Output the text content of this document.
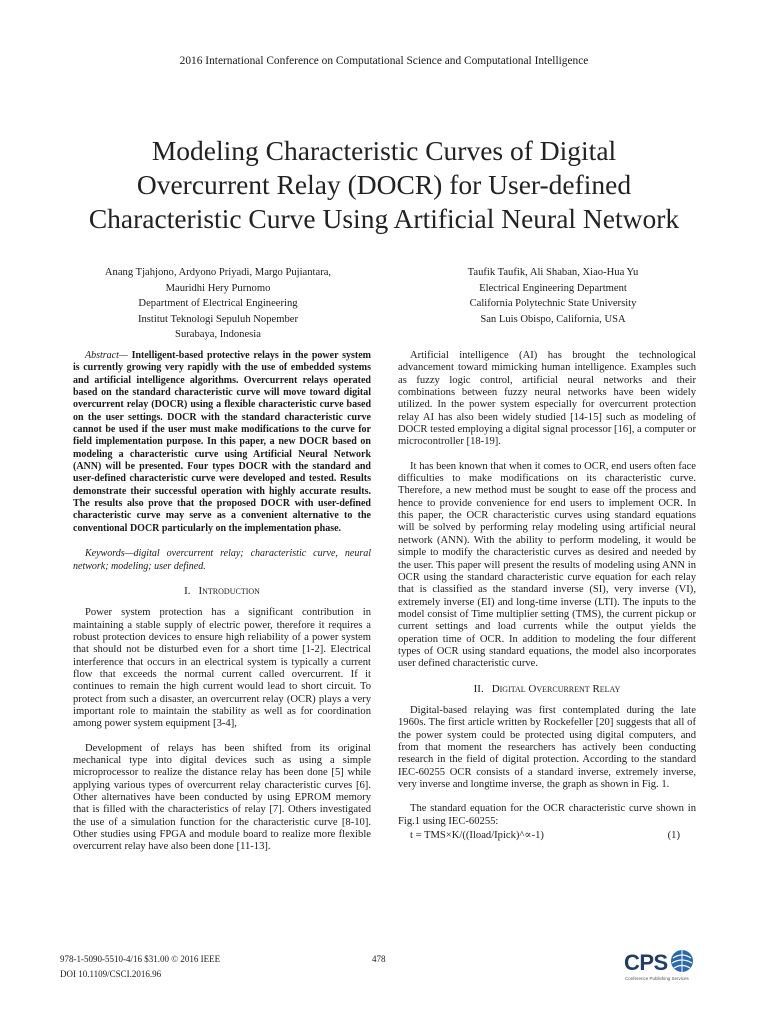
2016 International Conference on Computational Science and Computational Intelligence
Modeling Characteristic Curves of Digital
Overcurrent Relay (DOCR) for User-defined
Characteristic Curve Using Artificial Neural Network
Anang Tjahjono, Ardyono Priyadi, Margo Pujiantara,
Mauridhi Hery Purnomo
Department of Electrical Engineering
Institut Teknologi Sepuluh Nopember
Surabaya, Indonesia
Taufik Taufik, Ali Shaban, Xiao-Hua Yu
Electrical Engineering Department
California Polytechnic State University
San Luis Obispo, California, USA

Abstract— Intelligent-based protective relays in the power system is currently growing very rapidly with the use of embedded systems and artificial intelligence algorithms. Overcurrent relays operated based on the standard characteristic curve will move toward digital overcurrent relay (DOCR) using a flexible characteristic curve based on the user settings. DOCR with the standard characteristic curve cannot be used if the user must make modifications to the curve for field implementation purpose. In this paper, a new DOCR based on modeling a characteristic curve using Artificial Neural Network (ANN) will be presented. Four types DOCR with the standard and user-defined characteristic curve were developed and tested. Results demonstrate their successful operation with highly accurate results. The results also prove that the proposed DOCR with user-defined characteristic curve may serve as a convenient alternative to the conventional DOCR particularly on the implementation phase.

Keywords—digital overcurrent relay; characteristic curve, neural network; modeling; user defined.

I. Introduction

Power system protection has a significant contribution in maintaining a stable supply of electric power, therefore it requires a robust protection devices to ensure high reliability of a power system that should not be disturbed even for a short time [1-2]. Electrical interference that occurs in an electrical system is typically a current flow that exceeds the normal current called overcurrent. If it continues to remain the high current would lead to short circuit. To protect from such a disaster, an overcurrent relay (OCR) plays a very important role to maintain the stability as well as for coordination among power system equipment [3-4],

Development of relays has been shifted from its original mechanical type into digital devices such as using a simple microprocessor to realize the distance relay has been done [5] while applying various types of overcurrent relay characteristic curves [6]. Other alternatives have been conducted by using EPROM memory that is filled with the characteristics of relay [7]. Others investigated the use of a simulation function for the characteristic curve [8-10]. Other studies using FPGA and module board to realize more flexible overcurrent relay have also been done [11-13].

Artificial intelligence (AI) has brought the technological advancement toward mimicking human intelligence. Examples such as fuzzy logic control, artificial neural networks and their combinations between fuzzy neural networks have been widely utilized. In the power system especially for overcurrent protection relay AI has also been widely studied [14-15] such as modeling of DOCR tested employing a digital signal processor [16], a computer or microcontroller [18-19].

It has been known that when it comes to OCR, end users often face difficulties to make modifications on its characteristic curve. Therefore, a new method must be sought to ease off the process and hence to provide convenience for end users to implement OCR. In this paper, the OCR characteristic curves using standard equations will be solved by performing relay modeling using artificial neural network (ANN). With the ability to perform modeling, it would be simple to modify the characteristic curves as desired and needed by the user. This paper will present the results of modeling using ANN in OCR using the standard characteristic curve equation for each relay that is classified as the standard inverse (SI), very inverse (VI), extremely inverse (EI) and long-time inverse (LTI). The inputs to the model consist of Time multiplier setting (TMS), the current pickup or current settings and load currents while the output yields the operation time of OCR. In addition to modeling the four different types of OCR using standard equations, the model also incorporates user defined characteristic curve.

II. Digital Overcurrent Relay

Digital-based relaying was first contemplated during the late 1960s. The first article written by Rockefeller [20] suggests that all of the power system could be protected using digital computers, and from that moment the researchers has actively been conducting research in the field of digital protection. According to the standard IEC-60255 OCR consists of a standard inverse, extremely inverse, very inverse and longtime inverse, the graph as shown in Fig. 1.

The standard equation for the OCR characteristic curve shown in Fig.1 using IEC-60255:

t = TMS×K/((Iload/Ipick)^∝-1)	(1)

978-1-5090-5510-4/16 $31.00 © 2016 IEEE
DOI 10.1109/CSCI.2016.96
478	CPS
Conference Publishing Services
